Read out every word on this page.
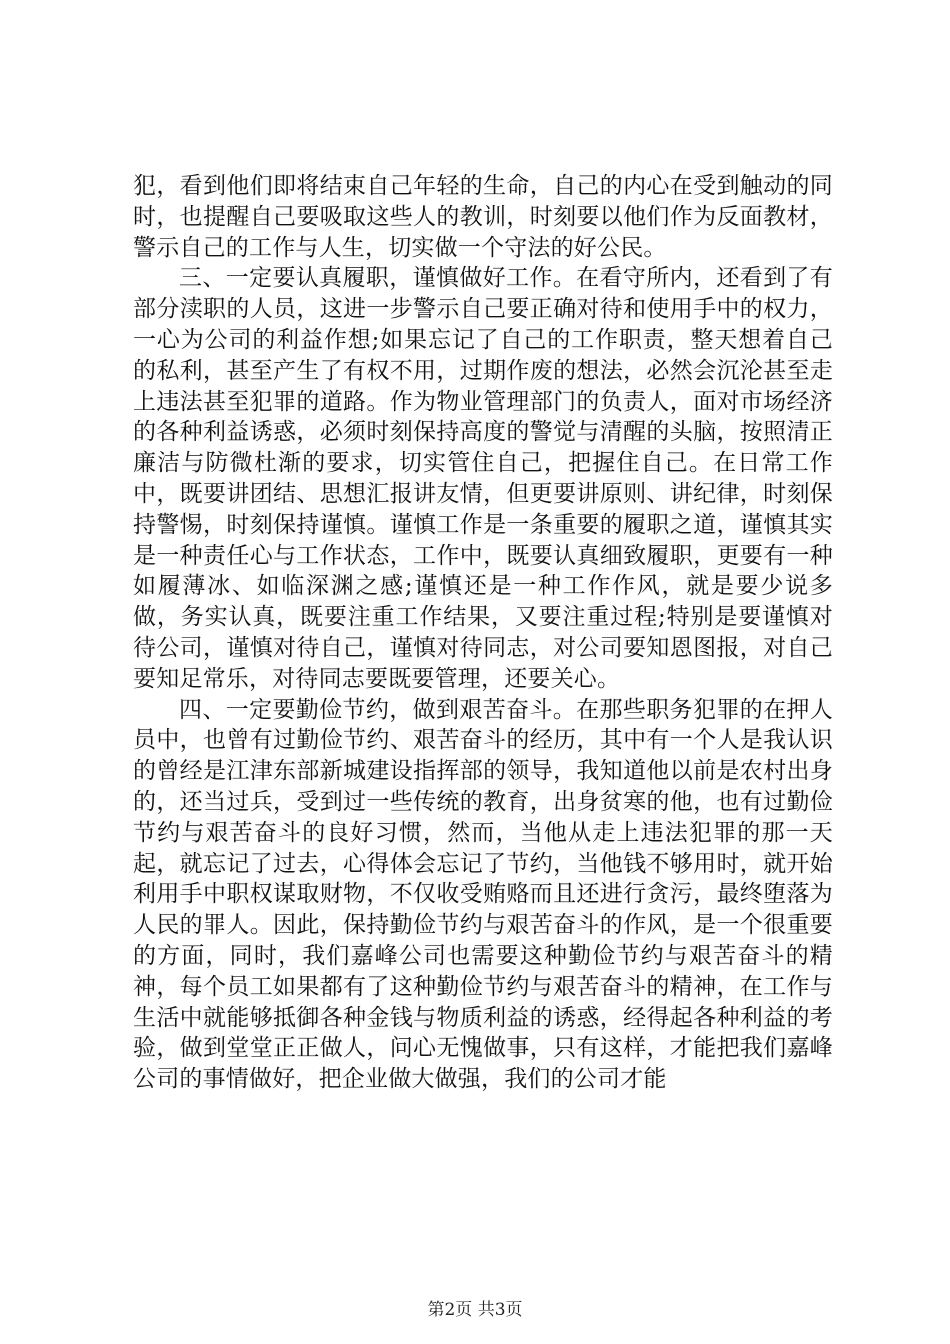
犯，看到他们即将结束自己年轻的生命，自己的内心在受到触动的同时，也提醒自己要吸取这些人的教训，时刻要以他们作为反面教材，警示自己的工作与人生，切实做一个守法的好公民。

三、一定要认真履职，谨慎做好工作。在看守所内，还看到了有部分渎职的人员，这进一步警示自己要正确对待和使用手中的权力，一心为公司的利益作想;如果忘记了自己的工作职责，整天想着自己的私利，甚至产生了有权不用，过期作废的想法，必然会沉沦甚至走上违法甚至犯罪的道路。作为物业管理部门的负责人，面对市场经济的各种利益诱惑，必须时刻保持高度的警觉与清醒的头脑，按照清正廉洁与防微杜渐的要求，切实管住自己，把握住自己。在日常工作中，既要讲团结、思想汇报讲友情，但更要讲原则、讲纪律，时刻保持警惕，时刻保持谨慎。谨慎工作是一条重要的履职之道，谨慎其实是一种责任心与工作状态，工作中，既要认真细致履职，更要有一种如履薄冰、如临深渊之感;谨慎还是一种工作作风，就是要少说多做，务实认真，既要注重工作结果，又要注重过程;特别是要谨慎对待公司，谨慎对待自己，谨慎对待同志，对公司要知恩图报，对自己要知足常乐，对待同志要既要管理，还要关心。

四、一定要勤俭节约，做到艰苦奋斗。在那些职务犯罪的在押人员中，也曾有过勤俭节约、艰苦奋斗的经历，其中有一个人是我认识的曾经是江津东部新城建设指挥部的领导，我知道他以前是农村出身的，还当过兵，受到过一些传统的教育，出身贫寒的他，也有过勤俭节约与艰苦奋斗的良好习惯，然而，当他从走上违法犯罪的那一天起，就忘记了过去，心得体会忘记了节约，当他钱不够用时，就开始利用手中职权谋取财物，不仅收受贿赂而且还进行贪污，最终堕落为人民的罪人。因此，保持勤俭节约与艰苦奋斗的作风，是一个很重要的方面，同时，我们嘉峰公司也需要这种勤俭节约与艰苦奋斗的精神，每个员工如果都有了这种勤俭节约与艰苦奋斗的精神，在工作与生活中就能够抵御各种金钱与物质利益的诱惑，经得起各种利益的考验，做到堂堂正正做人，问心无愧做事，只有这样，才能把我们嘉峰公司的事情做好，把企业做大做强，我们的公司才能

第2页 共3页
